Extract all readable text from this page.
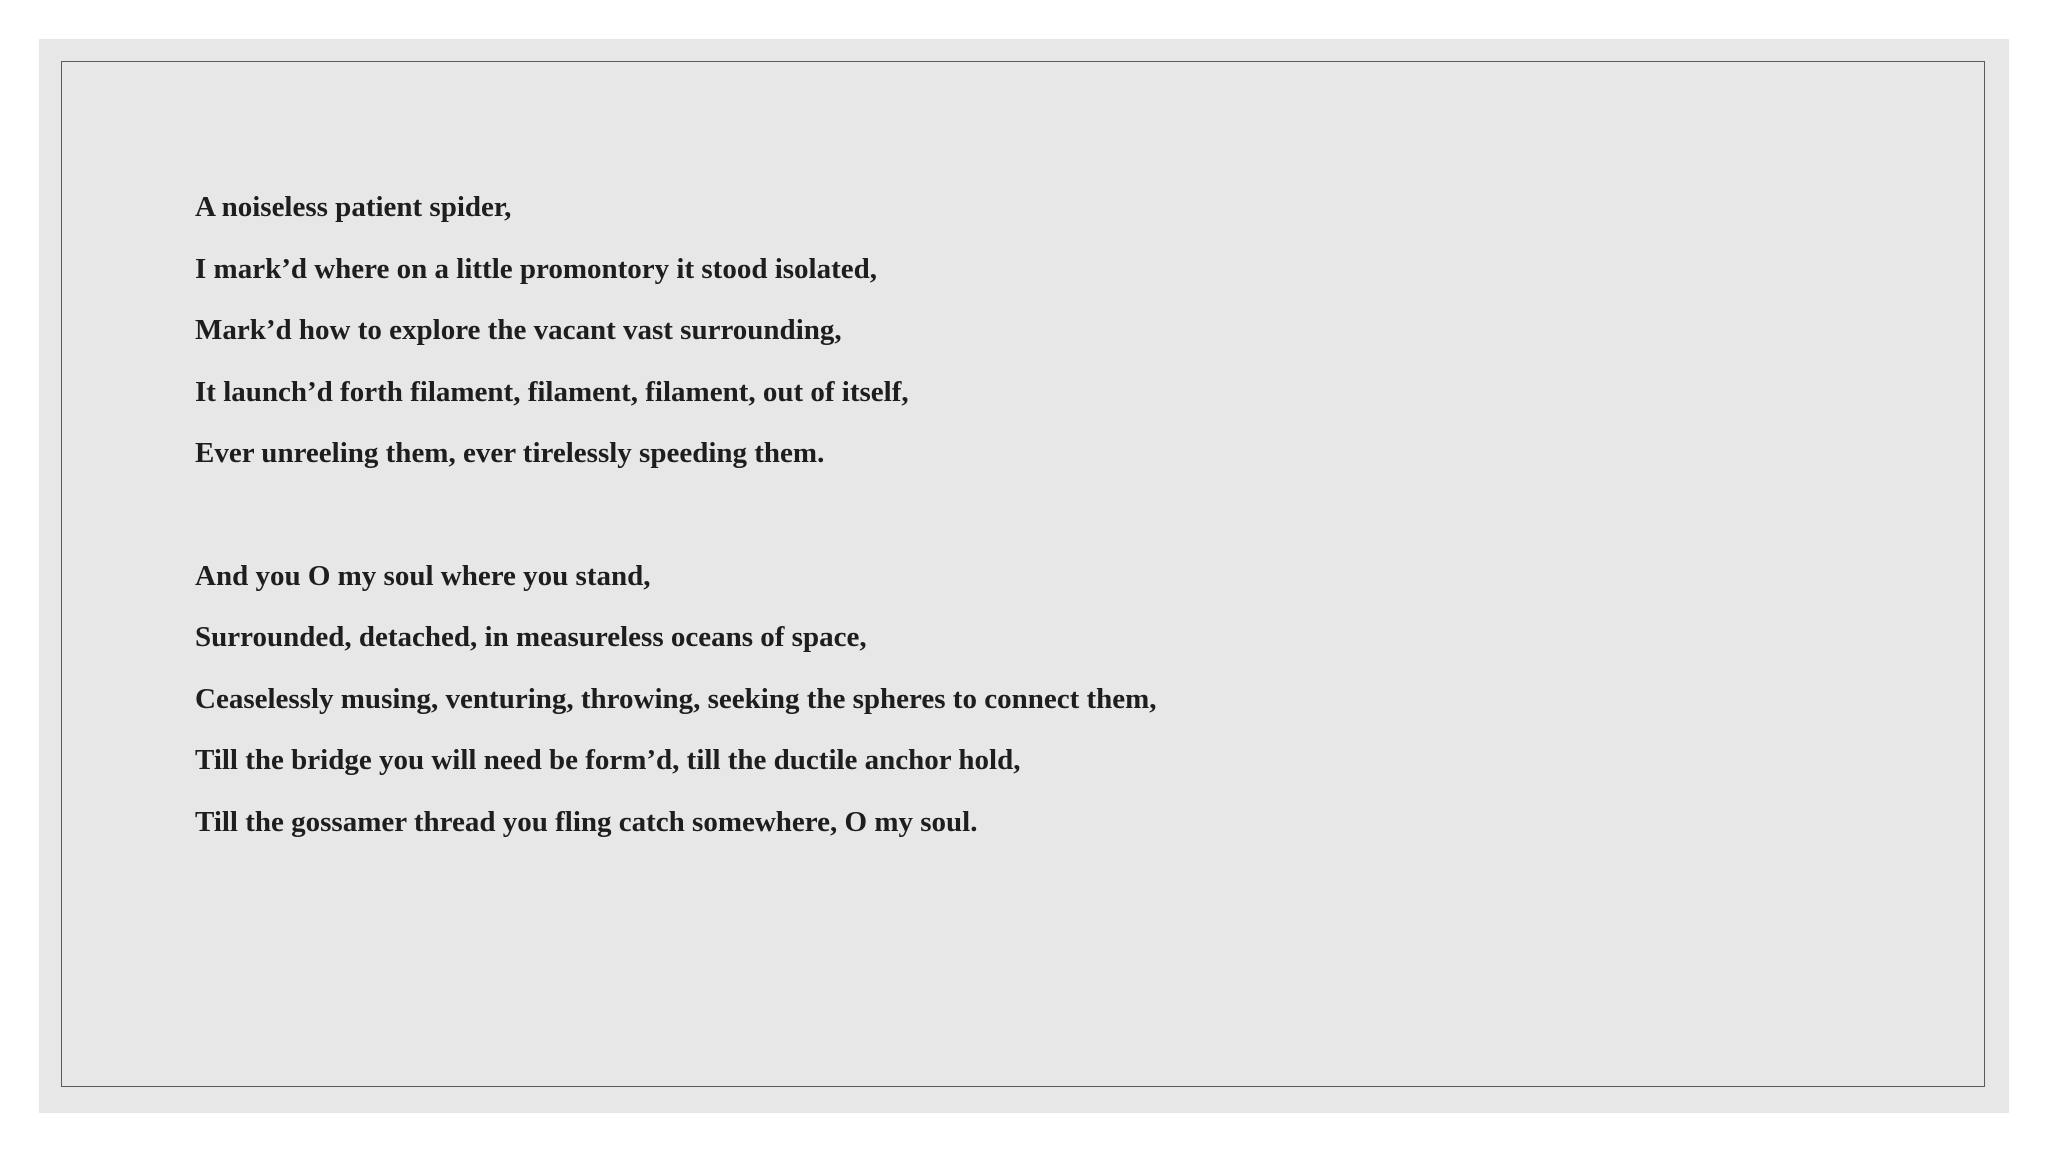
A noiseless patient spider,
I mark’d where on a little promontory it stood isolated,
Mark’d how to explore the vacant vast surrounding,
It launch’d forth filament, filament, filament, out of itself,
Ever unreeling them, ever tirelessly speeding them.

And you O my soul where you stand,
Surrounded, detached, in measureless oceans of space,
Ceaselessly musing, venturing, throwing, seeking the spheres to connect them,
Till the bridge you will need be form’d, till the ductile anchor hold,
Till the gossamer thread you fling catch somewhere, O my soul.
